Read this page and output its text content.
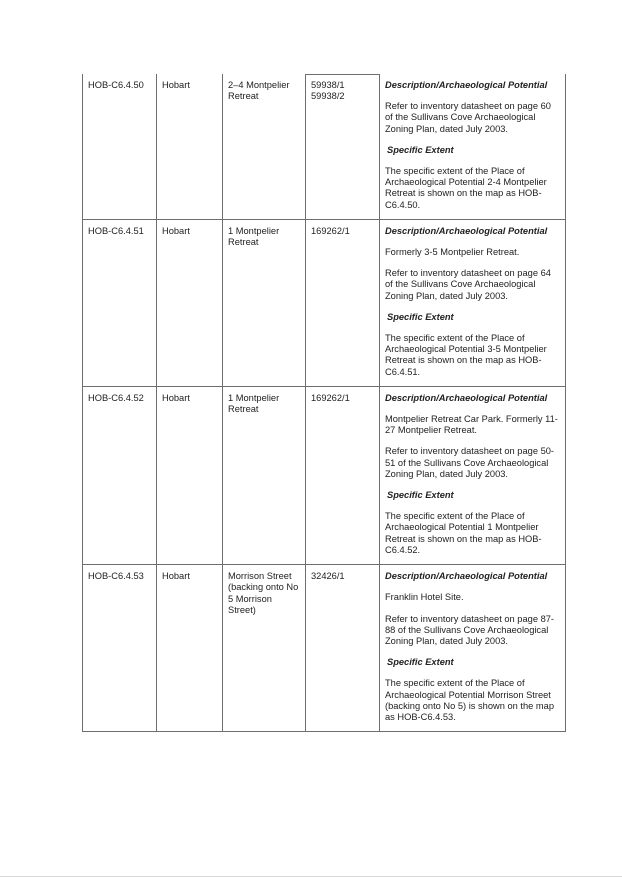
HOB-C6.4.50	Hobart	2–4 Montpelier Retreat	59938/1
59938/2	Description/Archaeological Potential
Refer to inventory datasheet on page 60 of the Sullivans Cove Archaeological Zoning Plan, dated July 2003.
Specific Extent
The specific extent of the Place of Archaeological Potential 2-4 Montpelier Retreat is shown on the map as HOB-C6.4.50.

HOB-C6.4.51	Hobart	1 Montpelier Retreat	169262/1	Description/Archaeological Potential
Formerly 3-5 Montpelier Retreat.
Refer to inventory datasheet on page 64 of the Sullivans Cove Archaeological Zoning Plan, dated July 2003.
Specific Extent
The specific extent of the Place of Archaeological Potential 3-5 Montpelier Retreat is shown on the map as HOB-C6.4.51.

HOB-C6.4.52	Hobart	1 Montpelier Retreat	169262/1	Description/Archaeological Potential
Montpelier Retreat Car Park. Formerly 11-27 Montpelier Retreat.
Refer to inventory datasheet on page 50-51 of the Sullivans Cove Archaeological Zoning Plan, dated July 2003.
Specific Extent
The specific extent of the Place of Archaeological Potential 1 Montpelier Retreat is shown on the map as HOB-C6.4.52.

HOB-C6.4.53	Hobart	Morrison Street (backing onto No 5 Morrison Street)	32426/1	Description/Archaeological Potential
Franklin Hotel Site.
Refer to inventory datasheet on page 87-88 of the Sullivans Cove Archaeological Zoning Plan, dated July 2003.
Specific Extent
The specific extent of the Place of Archaeological Potential Morrison Street (backing onto No 5) is shown on the map as HOB-C6.4.53.
